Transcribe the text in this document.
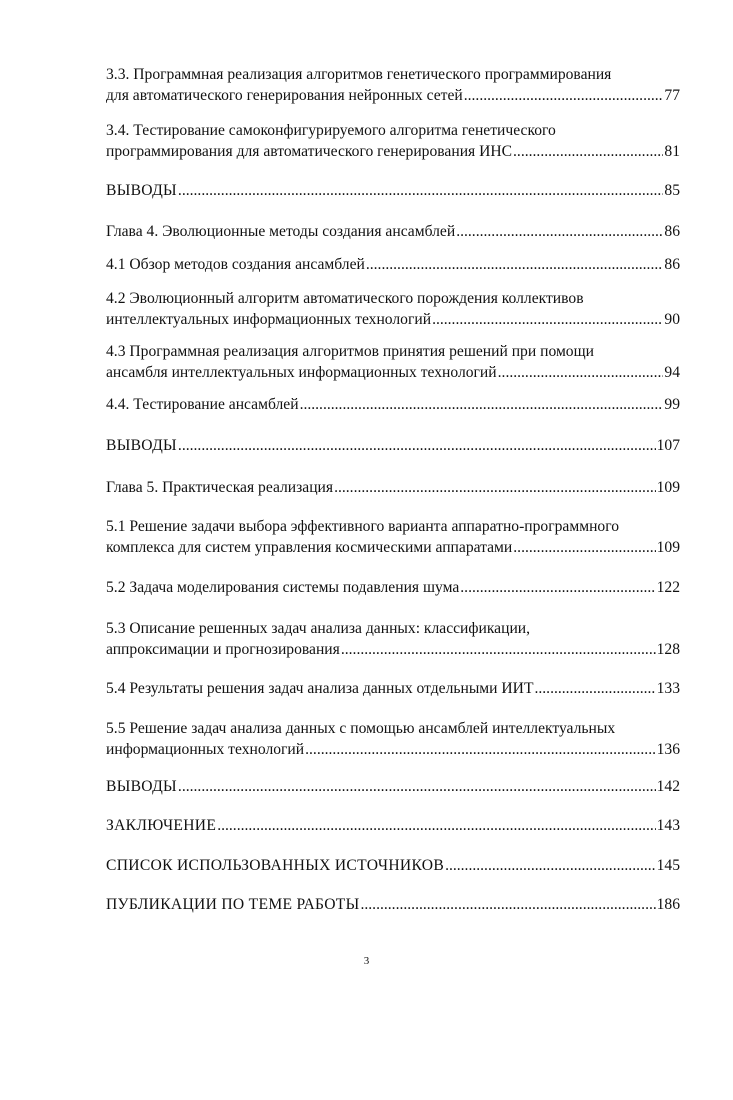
3.3. Программная реализация алгоритмов генетического программирования
для автоматического генерирования нейронных сетей .....	77
3.4. Тестирование самоконфигурируемого алгоритма генетического
программирования для автоматического генерирования ИНС .....	81
ВЫВОДЫ .....	85
Глава 4. Эволюционные методы создания ансамблей .....	86
4.1 Обзор методов создания ансамблей .....	86
4.2 Эволюционный алгоритм автоматического порождения коллективов
интеллектуальных информационных технологий .....	90
4.3 Программная реализация алгоритмов принятия решений при помощи
ансамбля интеллектуальных информационных технологий .....	94
4.4. Тестирование ансамблей .....	99
ВЫВОДЫ .....	107
Глава 5. Практическая реализация .....	109
5.1 Решение задачи выбора эффективного варианта аппаратно-программного
комплекса для систем управления космическими аппаратами .....	109
5.2 Задача моделирования системы подавления шума .....	122
5.3 Описание решенных задач анализа данных: классификации,
аппроксимации и прогнозирования .....	128
5.4 Результаты решения задач анализа данных отдельными ИИТ .....	133
5.5 Решение задач анализа данных с помощью ансамблей интеллектуальных
информационных технологий .....	136
ВЫВОДЫ .....	142
ЗАКЛЮЧЕНИЕ .....	143
СПИСОК ИСПОЛЬЗОВАННЫХ ИСТОЧНИКОВ .....	145
ПУБЛИКАЦИИ ПО ТЕМЕ РАБОТЫ .....	186
3
